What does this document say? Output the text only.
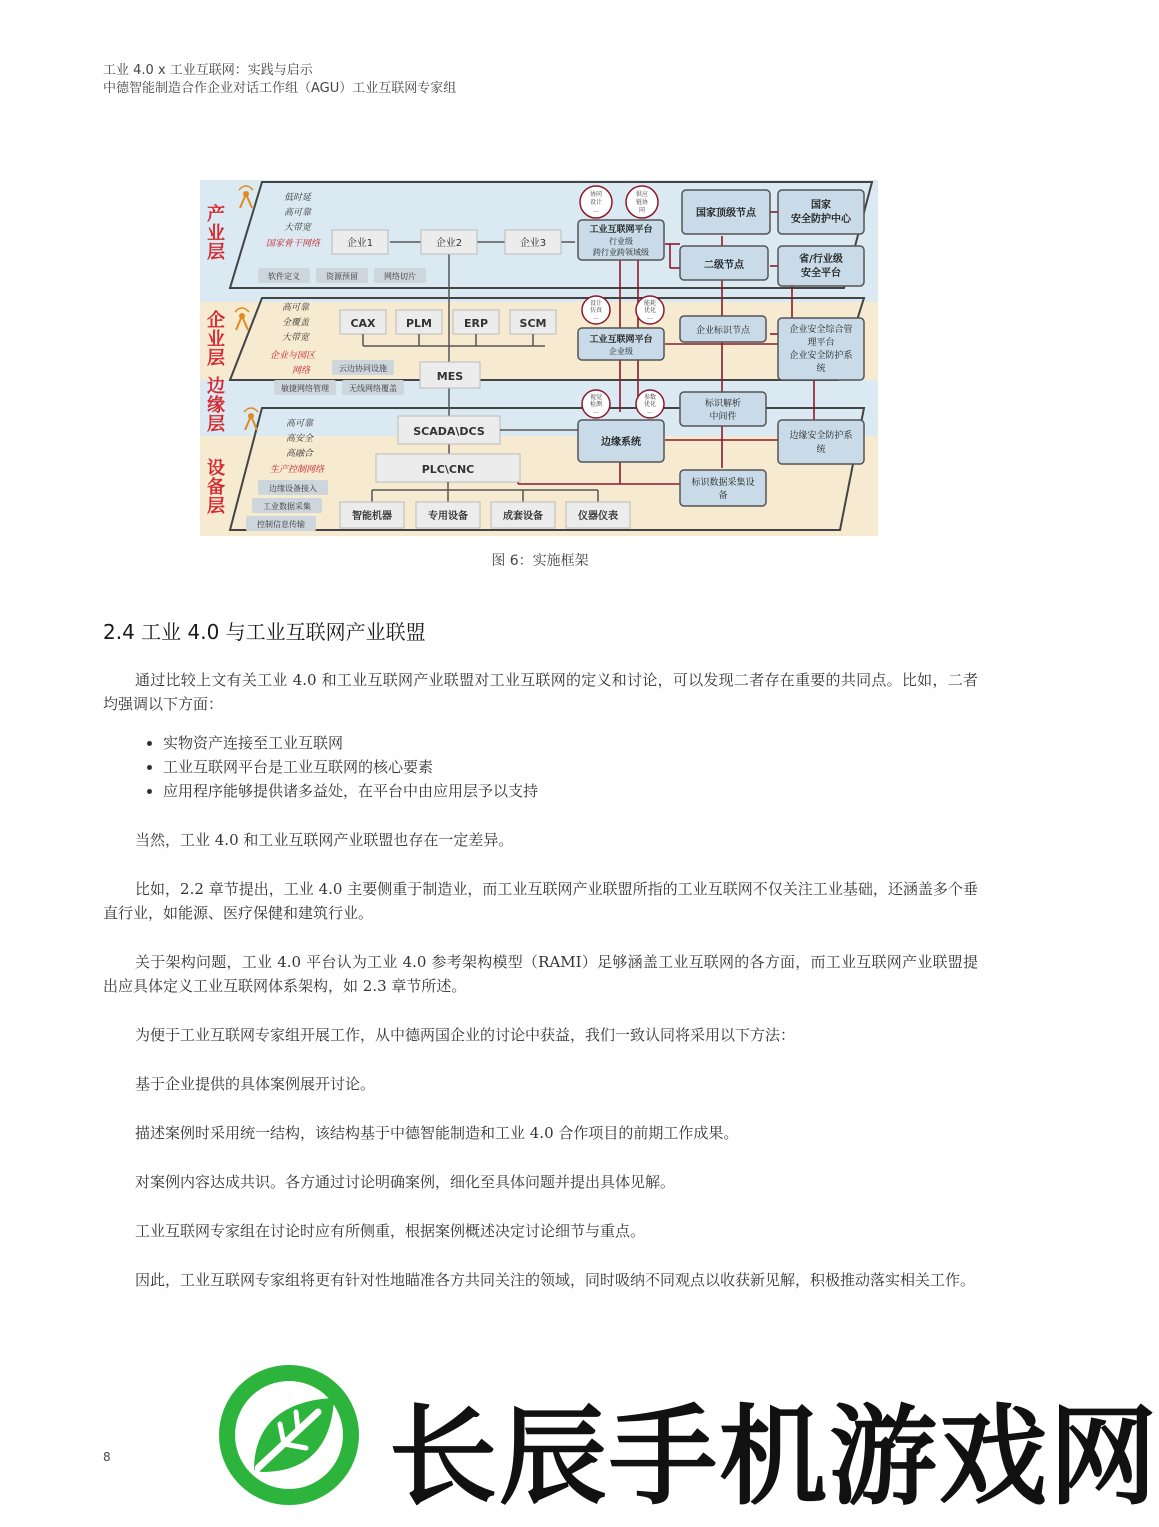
工业 4.0 x 工业互联网：实践与启示
中德智能制造合作企业对话工作组（AGU）工业互联网专家组
产业层
企业层
边缘层
设备层
低时延
高可靠
大带宽
国家骨干网络
软件定义	资源预留	网络切片
企业1	企业2	企业3
协同
设计
...
供应
链协
同
工业互联网平台
行业级
跨行业跨领域级
国家顶级节点
国家
安全防护中心
二级节点
省/行业级
安全平台
高可靠
全覆盖
大带宽
企业与园区
网络	云边协同设施
CAX	PLM	ERP	SCM
MES
设计
仿真
...
能耗
优化
...
工业互联网平台
企业级
企业标识节点	企业安全综合管
理平台
企业安全防护系
统
敏捷网络管理	无线网络覆盖
视觉
检测
...
参数
优化
...
标识解析
中间件
高可靠
高安全
高融合
生产控制网络
边缘设备接入
工业数据采集
控制信息传输
SCADA\DCS
边缘系统
边缘安全防护系
统
PLC\CNC
标识数据采集设
备
智能机器	专用设备	成套设备	仪器仪表
图 6：实施框架
2.4 工业 4.0 与工业互联网产业联盟

通过比较上文有关工业 4.0 和工业互联网产业联盟对工业互联网的定义和讨论，可以发现二者存在重要的共同点。比如，二者均强调以下方面：

• 实物资产连接至工业互联网
• 工业互联网平台是工业互联网的核心要素
• 应用程序能够提供诸多益处，在平台中由应用层予以支持

当然，工业 4.0 和工业互联网产业联盟也存在一定差异。

比如，2.2 章节提出，工业 4.0 主要侧重于制造业，而工业互联网产业联盟所指的工业互联网不仅关注工业基础，还涵盖多个垂直行业，如能源、医疗保健和建筑行业。

关于架构问题，工业 4.0 平台认为工业 4.0 参考架构模型（RAMI）足够涵盖工业互联网的各方面，而工业互联网产业联盟提出应具体定义工业互联网体系架构，如 2.3 章节所述。

为便于工业互联网专家组开展工作，从中德两国企业的讨论中获益，我们一致认同将采用以下方法：

基于企业提供的具体案例展开讨论。

描述案例时采用统一结构，该结构基于中德智能制造和工业 4.0 合作项目的前期工作成果。

对案例内容达成共识。各方通过讨论明确案例，细化至具体问题并提出具体见解。

工业互联网专家组在讨论时应有所侧重，根据案例概述决定讨论细节与重点。

因此，工业互联网专家组将更有针对性地瞄准各方共同关注的领域，同时吸纳不同观点以收获新见解，积极推动落实相关工作。

8	长辰手机游戏网
